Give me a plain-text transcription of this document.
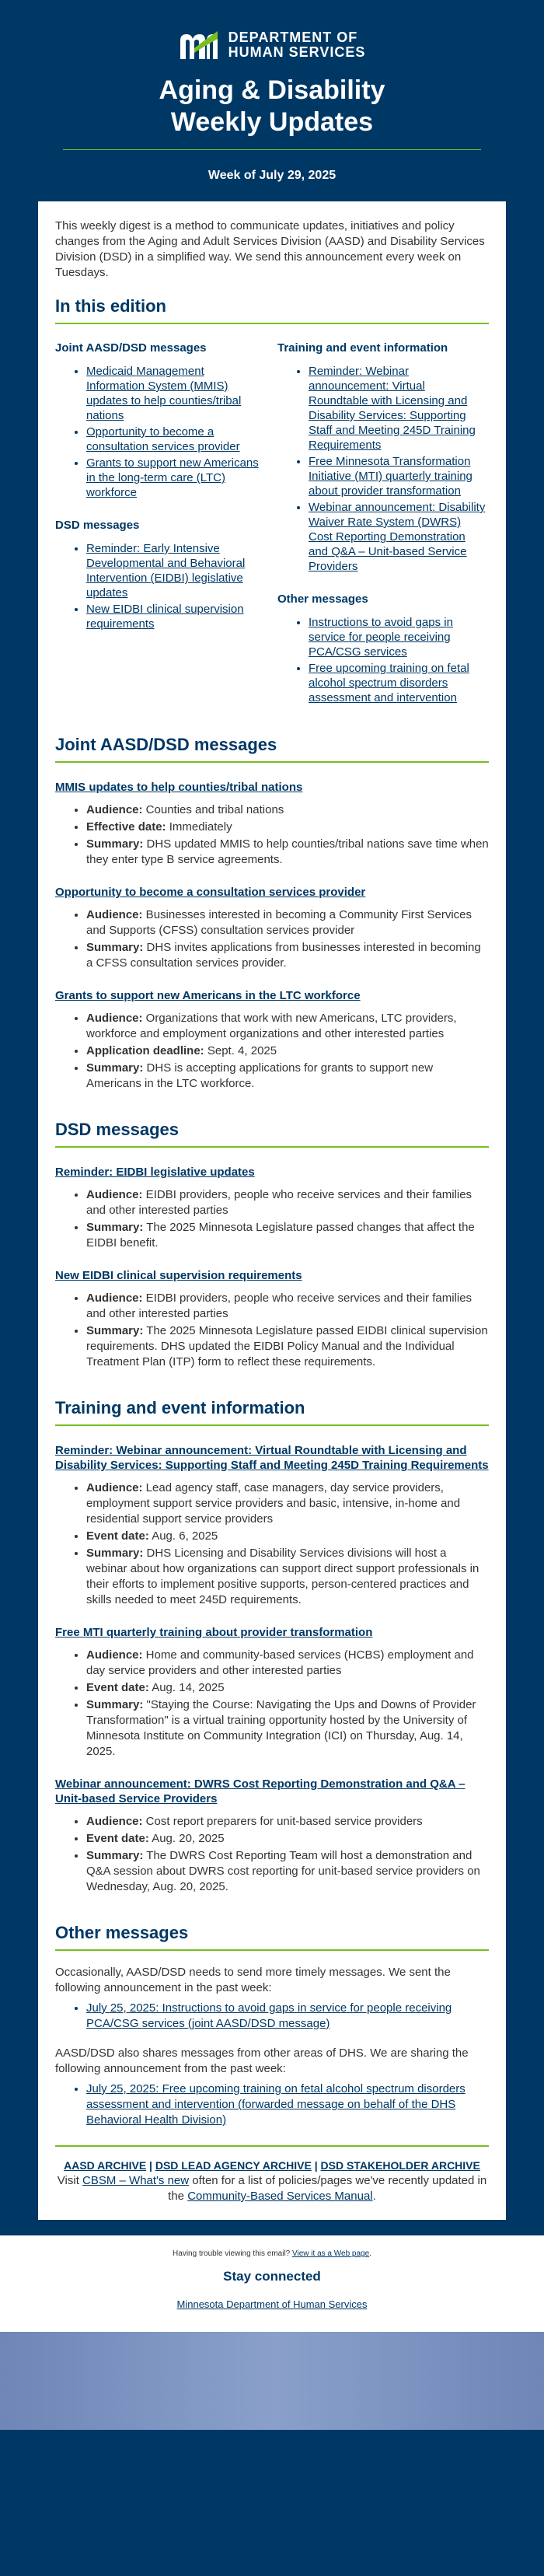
DEPARTMENT OF
HUMAN SERVICES
Aging & Disability
Weekly Updates
Week of July 29, 2025

This weekly digest is a method to communicate updates, initiatives and policy changes from the Aging and Adult Services Division (AASD) and Disability Services Division (DSD) in a simplified way. We send this announcement every week on Tuesdays.

In this edition
Joint AASD/DSD messages
• Medicaid Management Information System (MMIS) updates to help counties/tribal nations
• Opportunity to become a consultation services provider
• Grants to support new Americans in the long-term care (LTC) workforce
DSD messages
• Reminder: Early Intensive Developmental and Behavioral Intervention (EIDBI) legislative updates
• New EIDBI clinical supervision requirements
Training and event information
• Reminder: Webinar announcement: Virtual Roundtable with Licensing and Disability Services: Supporting Staff and Meeting 245D Training Requirements
• Free Minnesota Transformation Initiative (MTI) quarterly training about provider transformation
• Webinar announcement: Disability Waiver Rate System (DWRS) Cost Reporting Demonstration and Q&A – Unit-based Service Providers
Other messages
• Instructions to avoid gaps in service for people receiving PCA/CSG services
• Free upcoming training on fetal alcohol spectrum disorders assessment and intervention
Joint AASD/DSD messages
MMIS updates to help counties/tribal nations
• Audience: Counties and tribal nations
• Effective date: Immediately
• Summary: DHS updated MMIS to help counties/tribal nations save time when they enter type B service agreements.
Opportunity to become a consultation services provider
• Audience: Businesses interested in becoming a Community First Services and Supports (CFSS) consultation services provider
• Summary: DHS invites applications from businesses interested in becoming a CFSS consultation services provider.
Grants to support new Americans in the LTC workforce
• Audience: Organizations that work with new Americans, LTC providers, workforce and employment organizations and other interested parties
• Application deadline: Sept. 4, 2025
• Summary: DHS is accepting applications for grants to support new Americans in the LTC workforce.
DSD messages
Reminder: EIDBI legislative updates
• Audience: EIDBI providers, people who receive services and their families and other interested parties
• Summary: The 2025 Minnesota Legislature passed changes that affect the EIDBI benefit.
New EIDBI clinical supervision requirements
• Audience: EIDBI providers, people who receive services and their families and other interested parties
• Summary: The 2025 Minnesota Legislature passed EIDBI clinical supervision requirements. DHS updated the EIDBI Policy Manual and the Individual Treatment Plan (ITP) form to reflect these requirements.
Training and event information
Reminder: Webinar announcement: Virtual Roundtable with Licensing and Disability Services: Supporting Staff and Meeting 245D Training Requirements
• Audience: Lead agency staff, case managers, day service providers, employment support service providers and basic, intensive, in-home and residential support service providers
• Event date: Aug. 6, 2025
• Summary: DHS Licensing and Disability Services divisions will host a webinar about how organizations can support direct support professionals in their efforts to implement positive supports, person-centered practices and skills needed to meet 245D requirements.
Free MTI quarterly training about provider transformation
• Audience: Home and community-based services (HCBS) employment and day service providers and other interested parties
• Event date: Aug. 14, 2025
• Summary: "Staying the Course: Navigating the Ups and Downs of Provider Transformation" is a virtual training opportunity hosted by the University of Minnesota Institute on Community Integration (ICI) on Thursday, Aug. 14, 2025.
Webinar announcement: DWRS Cost Reporting Demonstration and Q&A – Unit-based Service Providers
• Audience: Cost report preparers for unit-based service providers
• Event date: Aug. 20, 2025
• Summary: The DWRS Cost Reporting Team will host a demonstration and Q&A session about DWRS cost reporting for unit-based service providers on Wednesday, Aug. 20, 2025.
Other messages

Occasionally, AASD/DSD needs to send more timely messages. We sent the following announcement in the past week:

• July 25, 2025: Instructions to avoid gaps in service for people receiving PCA/CSG services (joint AASD/DSD message)

AASD/DSD also shares messages from other areas of DHS. We are sharing the following announcement from the past week:

• July 25, 2025: Free upcoming training on fetal alcohol spectrum disorders assessment and intervention (forwarded message on behalf of the DHS Behavioral Health Division)
AASD ARCHIVE | DSD LEAD AGENCY ARCHIVE | DSD STAKEHOLDER ARCHIVE
Visit CBSM – What's new often for a list of policies/pages we've recently updated in the Community-Based Services Manual.
Having trouble viewing this email? View it as a Web page.
Stay connected
Minnesota Department of Human Services
